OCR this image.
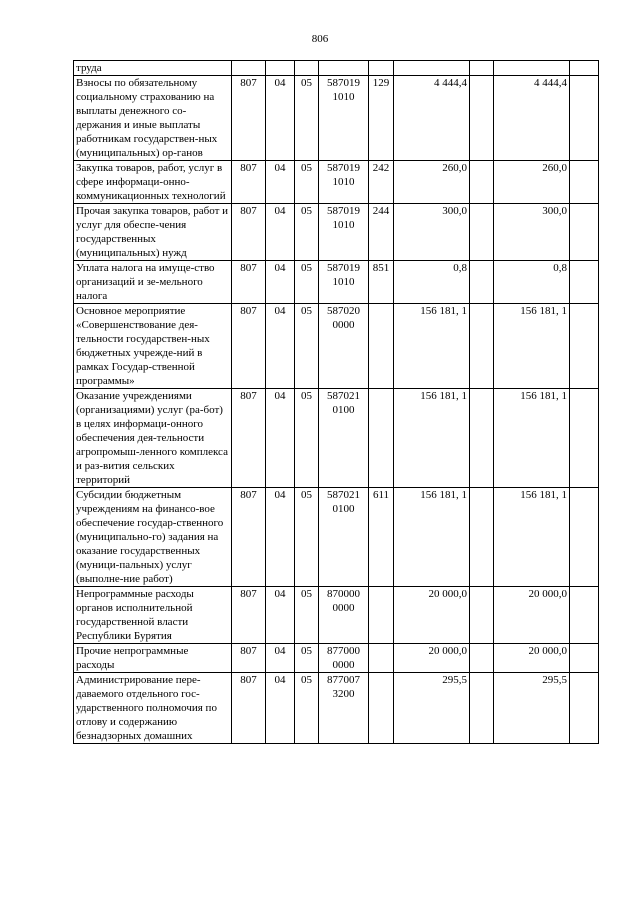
806
труда									
Взносы по обязательному социальному страхованию на выплаты денежного со-держания и иные выплаты работникам государствен-ных (муниципальных) ор-ганов	807	04	05	587019 1010	129	4 444,4		4 444,4	
Закупка товаров, работ, услуг в сфере информаци-онно-коммуникационных технологий	807	04	05	587019 1010	242	260,0		260,0	
Прочая закупка товаров, работ и услуг для обеспе-чения государственных (муниципальных) нужд	807	04	05	587019 1010	244	300,0		300,0	
Уплата налога на имуще-ство организаций и зе-мельного налога	807	04	05	587019 1010	851	0,8		0,8	
Основное мероприятие «Совершенствование дея-тельности государствен-ных бюджетных учрежде-ний в рамках Государ-ственной программы»	807	04	05	587020 0000		156 181, 1		156 181, 1	
Оказание учреждениями (организациями) услуг (ра-бот) в целях информаци-онного обеспечения дея-тельности агропромыш-ленного комплекса и раз-вития сельских территорий	807	04	05	587021 0100		156 181, 1		156 181, 1	
Субсидии бюджетным учреждениям на финансо-вое обеспечение государ-ственного (муниципально-го) задания на оказание государственных (муници-пальных) услуг (выполне-ние работ)	807	04	05	587021 0100	611	156 181, 1		156 181, 1	
Непрограммные расходы органов исполнительной государственной власти Республики Бурятия	807	04	05	870000 0000		20 000,0		20 000,0	
Прочие непрограммные расходы	807	04	05	877000 0000		20 000,0		20 000,0	
Администрирование пере-даваемого отдельного гос-ударственного полномочия по отлову и содержанию безнадзорных домашних	807	04	05	877007 3200		295,5		295,5	
